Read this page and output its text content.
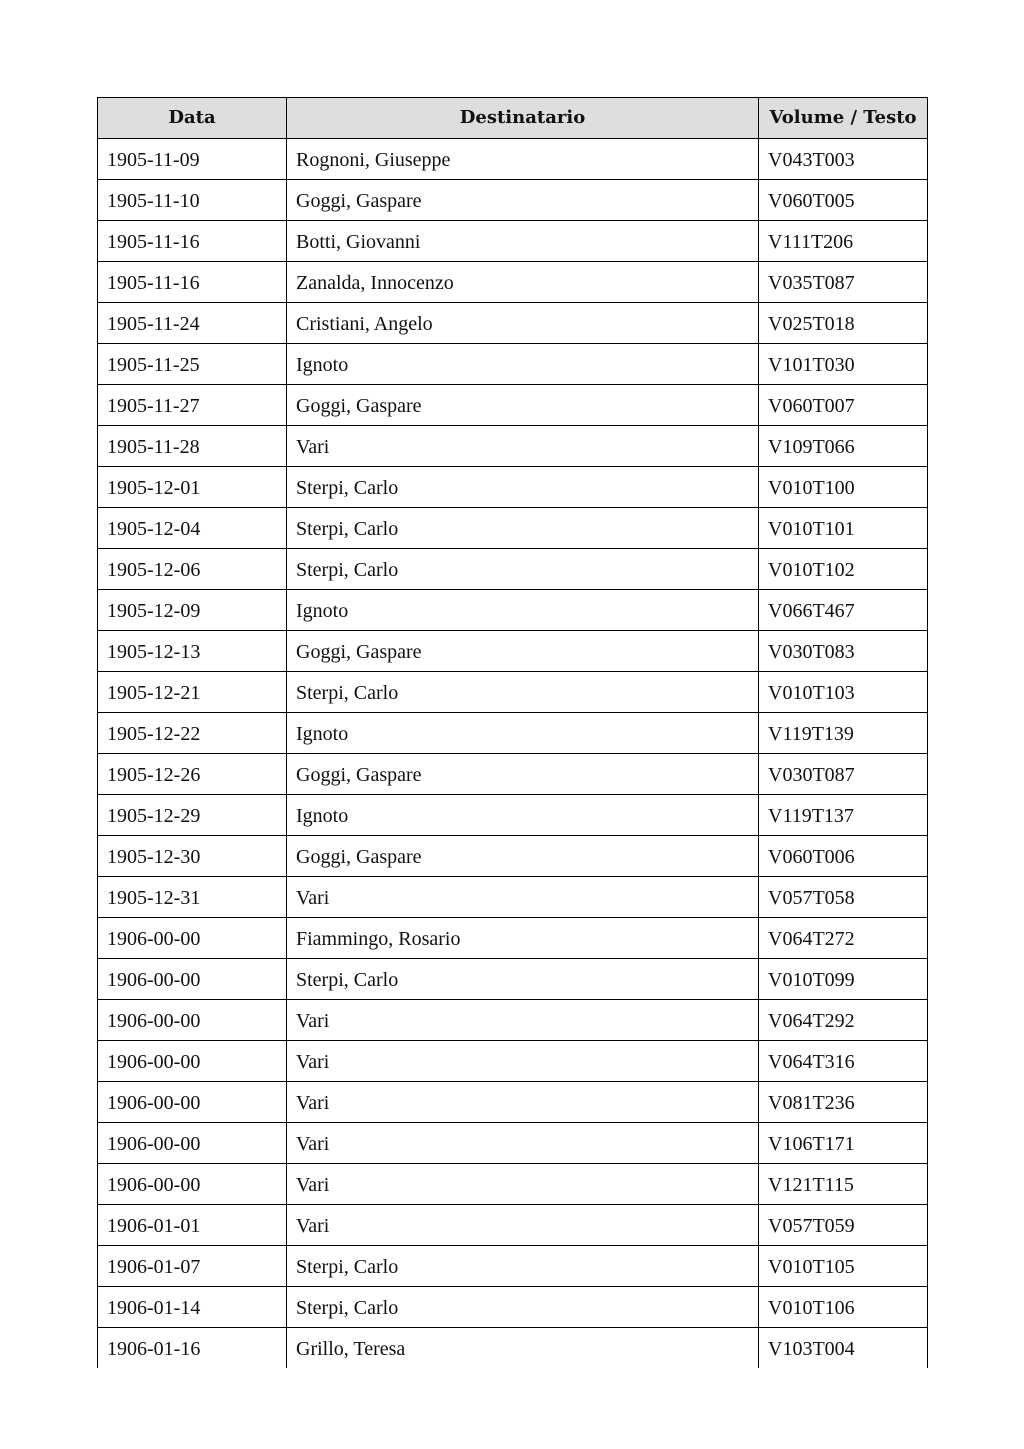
Data	Destinatario	Volume / Testo
1905-11-09	Rognoni, Giuseppe	V043T003
1905-11-10	Goggi, Gaspare	V060T005
1905-11-16	Botti, Giovanni	V111T206
1905-11-16	Zanalda, Innocenzo	V035T087
1905-11-24	Cristiani, Angelo	V025T018
1905-11-25	Ignoto	V101T030
1905-11-27	Goggi, Gaspare	V060T007
1905-11-28	Vari	V109T066
1905-12-01	Sterpi, Carlo	V010T100
1905-12-04	Sterpi, Carlo	V010T101
1905-12-06	Sterpi, Carlo	V010T102
1905-12-09	Ignoto	V066T467
1905-12-13	Goggi, Gaspare	V030T083
1905-12-21	Sterpi, Carlo	V010T103
1905-12-22	Ignoto	V119T139
1905-12-26	Goggi, Gaspare	V030T087
1905-12-29	Ignoto	V119T137
1905-12-30	Goggi, Gaspare	V060T006
1905-12-31	Vari	V057T058
1906-00-00	Fiammingo, Rosario	V064T272
1906-00-00	Sterpi, Carlo	V010T099
1906-00-00	Vari	V064T292
1906-00-00	Vari	V064T316
1906-00-00	Vari	V081T236
1906-00-00	Vari	V106T171
1906-00-00	Vari	V121T115
1906-01-01	Vari	V057T059
1906-01-07	Sterpi, Carlo	V010T105
1906-01-14	Sterpi, Carlo	V010T106
1906-01-16	Grillo, Teresa	V103T004
